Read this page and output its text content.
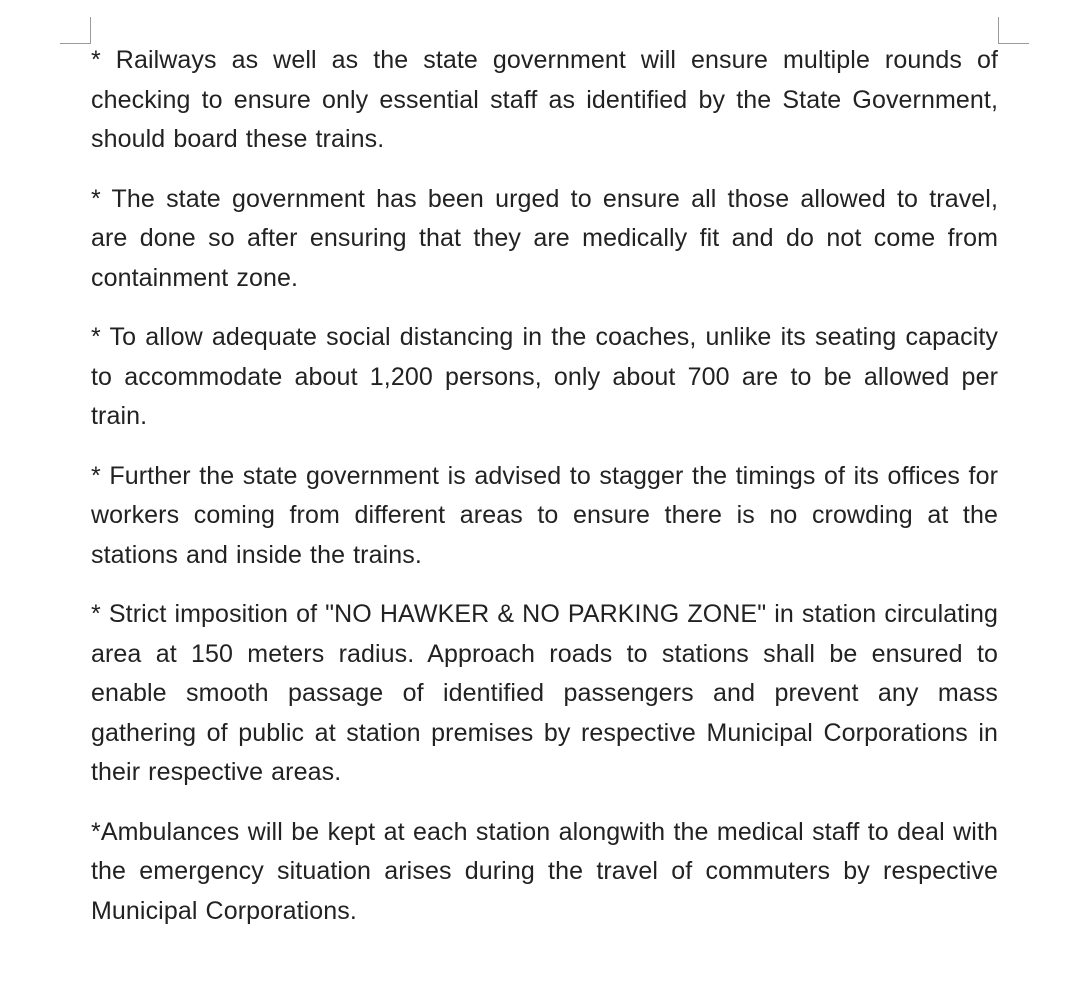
* Railways as well as the state government will ensure multiple rounds of checking to ensure only essential staff as identified by the State Government, should board these trains.

* The state government has been urged to ensure all those allowed to travel, are done so after ensuring that they are medically fit and do not come from containment zone.

* To allow adequate social distancing in the coaches, unlike its seating capacity to accommodate about 1,200 persons, only about 700 are to be allowed per train.

* Further the state government is advised to stagger the timings of its offices for workers coming from different areas to ensure there is no crowding at the stations and inside the trains.

* Strict imposition of "NO HAWKER & NO PARKING ZONE" in station circulating area at 150 meters radius. Approach roads to stations shall be ensured to enable smooth passage of identified passengers and prevent any mass gathering of public at station premises by respective Municipal Corporations in their respective areas.

*Ambulances will be kept at each station alongwith the medical staff to deal with the emergency situation arises during the travel of commuters by respective Municipal Corporations.
